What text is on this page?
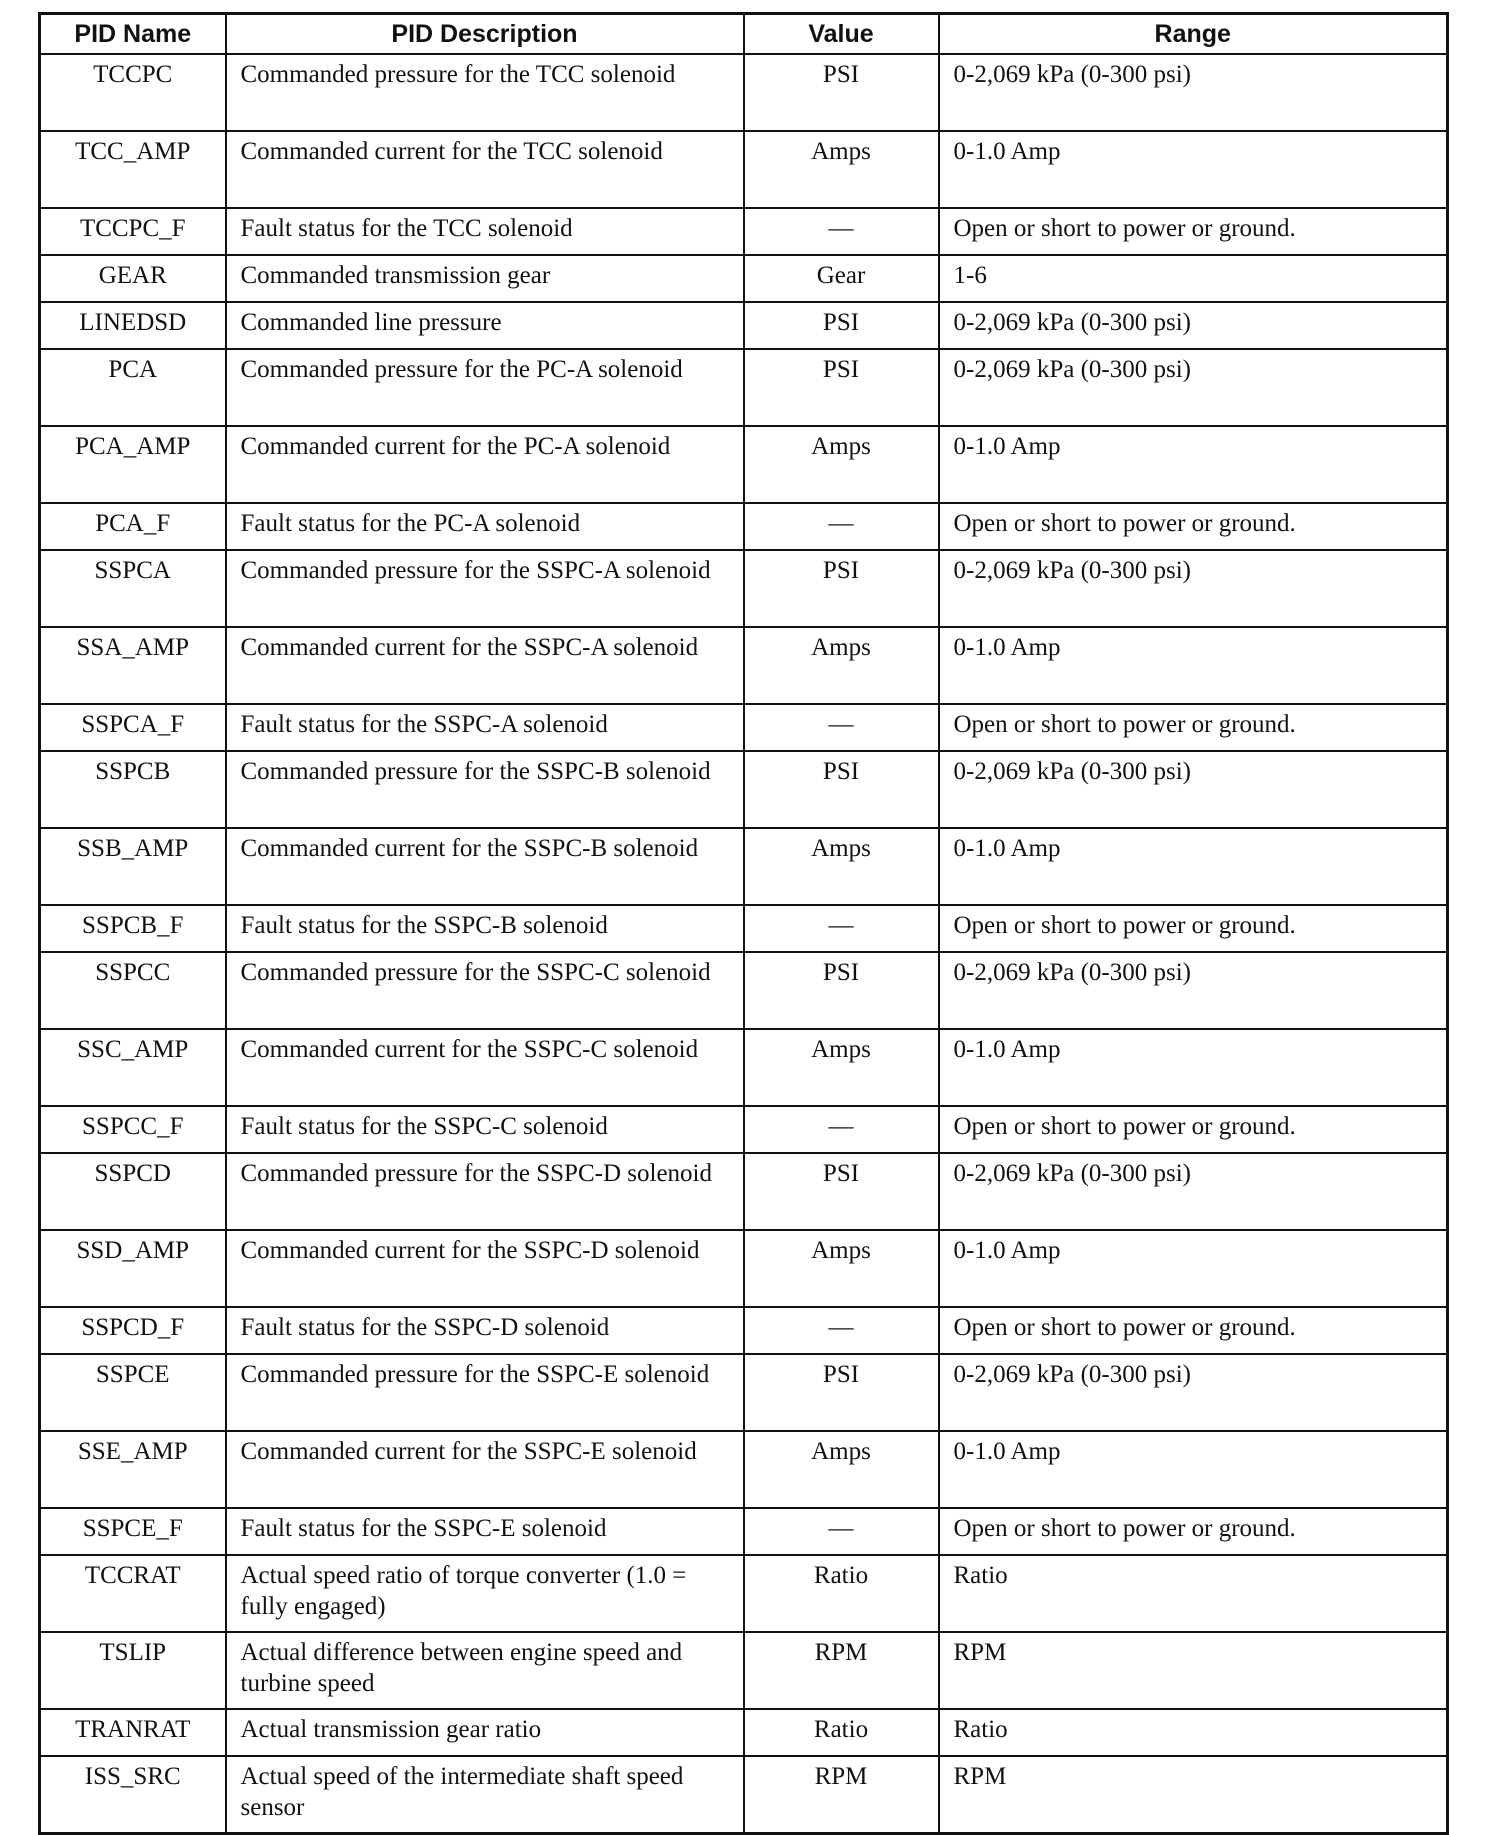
PID Name	PID Description	Value	Range
TCCPC	Commanded pressure for the TCC solenoid	PSI	0-2,069 kPa (0-300 psi)
TCC_AMP	Commanded current for the TCC solenoid	Amps	0-1.0 Amp
TCCPC_F	Fault status for the TCC solenoid	—	Open or short to power or ground.
GEAR	Commanded transmission gear	Gear	1-6
LINEDSD	Commanded line pressure	PSI	0-2,069 kPa (0-300 psi)
PCA	Commanded pressure for the PC-A solenoid	PSI	0-2,069 kPa (0-300 psi)
PCA_AMP	Commanded current for the PC-A solenoid	Amps	0-1.0 Amp
PCA_F	Fault status for the PC-A solenoid	—	Open or short to power or ground.
SSPCA	Commanded pressure for the SSPC-A solenoid	PSI	0-2,069 kPa (0-300 psi)
SSA_AMP	Commanded current for the SSPC-A solenoid	Amps	0-1.0 Amp
SSPCA_F	Fault status for the SSPC-A solenoid	—	Open or short to power or ground.
SSPCB	Commanded pressure for the SSPC-B solenoid	PSI	0-2,069 kPa (0-300 psi)
SSB_AMP	Commanded current for the SSPC-B solenoid	Amps	0-1.0 Amp
SSPCB_F	Fault status for the SSPC-B solenoid	—	Open or short to power or ground.
SSPCC	Commanded pressure for the SSPC-C solenoid	PSI	0-2,069 kPa (0-300 psi)
SSC_AMP	Commanded current for the SSPC-C solenoid	Amps	0-1.0 Amp
SSPCC_F	Fault status for the SSPC-C solenoid	—	Open or short to power or ground.
SSPCD	Commanded pressure for the SSPC-D solenoid	PSI	0-2,069 kPa (0-300 psi)
SSD_AMP	Commanded current for the SSPC-D solenoid	Amps	0-1.0 Amp
SSPCD_F	Fault status for the SSPC-D solenoid	—	Open or short to power or ground.
SSPCE	Commanded pressure for the SSPC-E solenoid	PSI	0-2,069 kPa (0-300 psi)
SSE_AMP	Commanded current for the SSPC-E solenoid	Amps	0-1.0 Amp
SSPCE_F	Fault status for the SSPC-E solenoid	—	Open or short to power or ground.
TCCRAT	Actual speed ratio of torque converter (1.0 = fully engaged)	Ratio	Ratio
TSLIP	Actual difference between engine speed and turbine speed	RPM	RPM
TRANRAT	Actual transmission gear ratio	Ratio	Ratio
ISS_SRC	Actual speed of the intermediate shaft speed sensor	RPM	RPM
